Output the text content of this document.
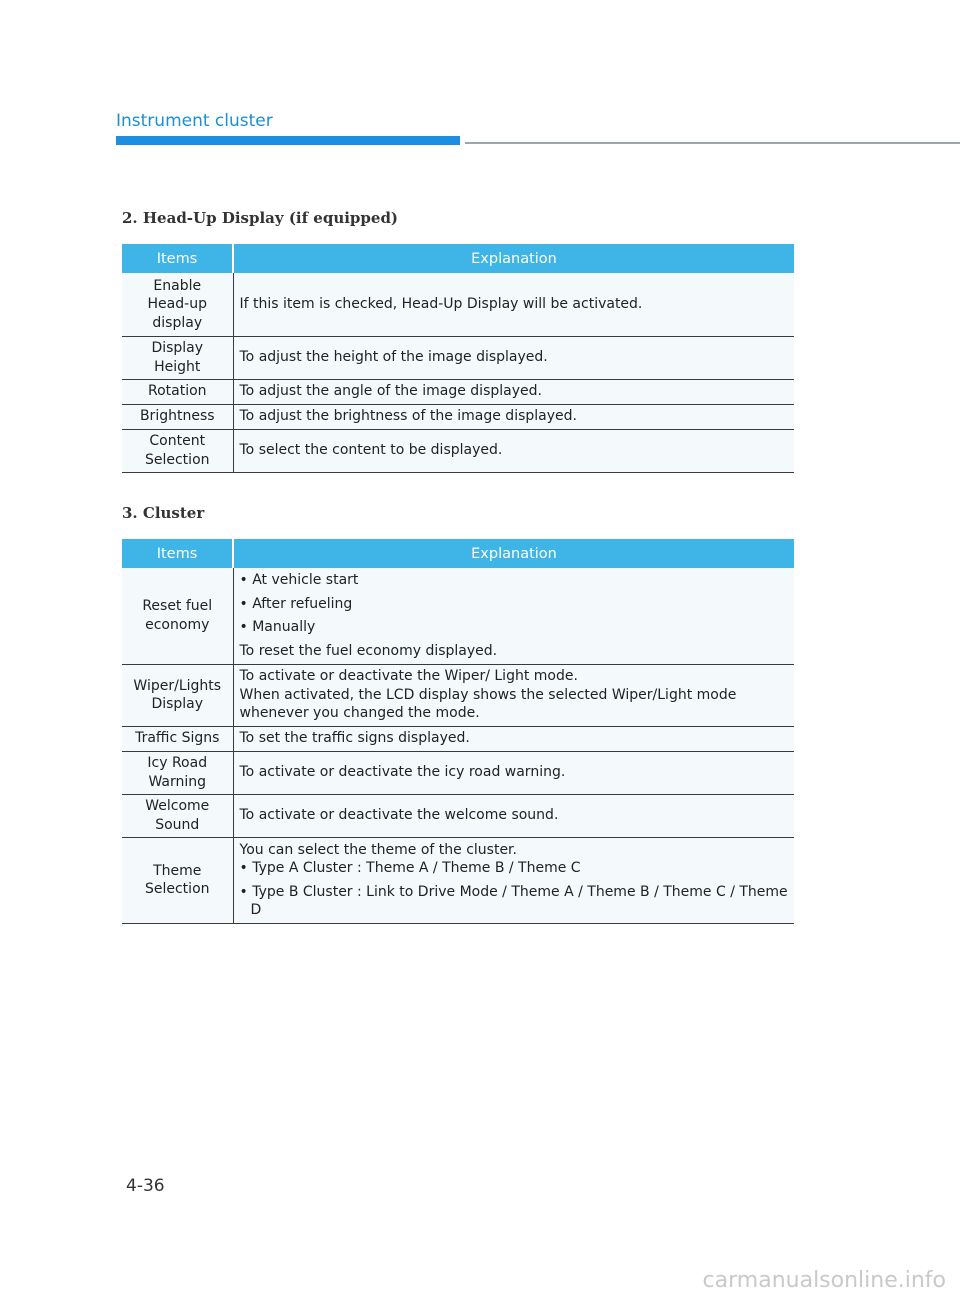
Instrument cluster
2. Head-Up Display (if equipped)
Items	Explanation
Enable Head-up display	If this item is checked, Head-Up Display will be activated.
Display Height	To adjust the height of the image displayed.
Rotation	To adjust the angle of the image displayed.
Brightness	To adjust the brightness of the image displayed.
Content Selection	To select the content to be displayed.
3. Cluster
Items	Explanation
Reset fuel economy	• At vehicle start
• After refueling
• Manually
To reset the fuel economy displayed.

Wiper/Lights Display	To activate or deactivate the Wiper/ Light mode.
When activated, the LCD display shows the selected Wiper/Light mode whenever you changed the mode.

Traffic Signs	To set the traffic signs displayed.
Icy Road Warning	To activate or deactivate the icy road warning.
Welcome Sound	To activate or deactivate the welcome sound.
Theme Selection	You can select the theme of the cluster.
• Type A Cluster : Theme A / Theme B / Theme C
• Type B Cluster : Link to Drive Mode / Theme A / Theme B / Theme C / Theme D
4-36
carmanualsonline.info
